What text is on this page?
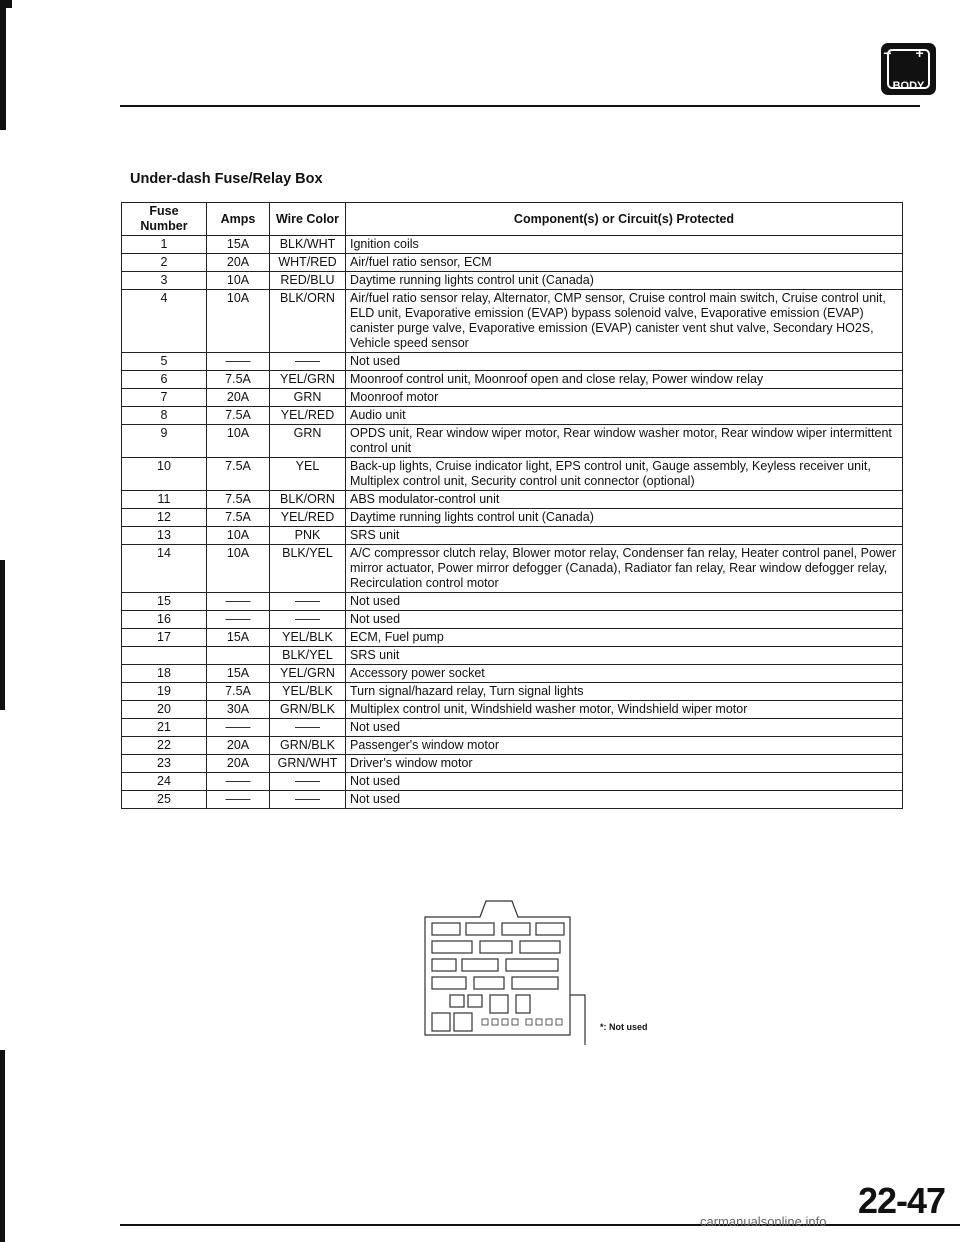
− +
BODY
Under-dash Fuse/Relay Box
Fuse Number	Amps	Wire Color	Component(s) or Circuit(s) Protected
1	15A	BLK/WHT	Ignition coils
2	20A	WHT/RED	Air/fuel ratio sensor, ECM
3	10A	RED/BLU	Daytime running lights control unit (Canada)
4	10A	BLK/ORN	Air/fuel ratio sensor relay, Alternator, CMP sensor, Cruise control main switch, Cruise control unit, ELD unit, Evaporative emission (EVAP) bypass solenoid valve, Evaporative emission (EVAP) canister purge valve, Evaporative emission (EVAP) canister vent shut valve, Secondary HO2S, Vehicle speed sensor
5	——	——	Not used
6	7.5A	YEL/GRN	Moonroof control unit, Moonroof open and close relay, Power window relay
7	20A	GRN	Moonroof motor
8	7.5A	YEL/RED	Audio unit
9	10A	GRN	OPDS unit, Rear window wiper motor, Rear window washer motor, Rear window wiper intermittent control unit
10	7.5A	YEL	Back-up lights, Cruise indicator light, EPS control unit, Gauge assembly, Keyless receiver unit, Multiplex control unit, Security control unit connector (optional)
11	7.5A	BLK/ORN	ABS modulator-control unit
12	7.5A	YEL/RED	Daytime running lights control unit (Canada)
13	10A	PNK	SRS unit
14	10A	BLK/YEL	A/C compressor clutch relay, Blower motor relay, Condenser fan relay, Heater control panel, Power mirror actuator, Power mirror defogger (Canada), Radiator fan relay, Rear window defogger relay, Recirculation control motor
15	——	——	Not used
16	——	——	Not used
17	15A	YEL/BLK	ECM, Fuel pump
		BLK/YEL	SRS unit
18	15A	YEL/GRN	Accessory power socket
19	7.5A	YEL/BLK	Turn signal/hazard relay, Turn signal lights
20	30A	GRN/BLK	Multiplex control unit, Windshield washer motor, Windshield wiper motor
21	——	——	Not used
22	20A	GRN/BLK	Passenger's window motor
23	20A	GRN/WHT	Driver's window motor
24	——	——	Not used
25	——	——	Not used
*: Not used
22-47
carmanualsonline.info
